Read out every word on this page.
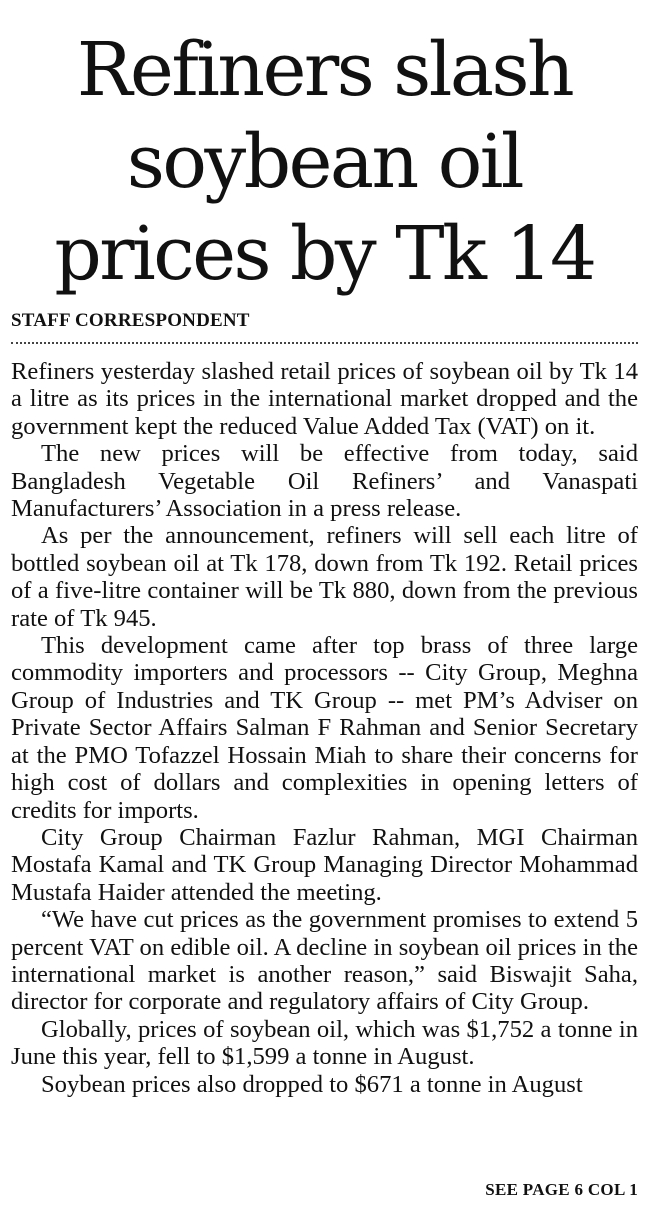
Refiners slash
soybean oil
prices by Tk 14
STAFF CORRESPONDENT

Refiners yesterday slashed retail prices of soybean oil by Tk 14 a litre as its prices in the international market dropped and the government kept the reduced Value Added Tax (VAT) on it.

The new prices will be effective from today, said Bangladesh Vegetable Oil Refiners’ and Vanaspati Manufacturers’ Association in a press release.

As per the announcement, refiners will sell each litre of bottled soybean oil at Tk 178, down from Tk 192. Retail prices of a five-litre container will be Tk 880, down from the previous rate of Tk 945.

This development came after top brass of three large commodity importers and processors -- City Group, Meghna Group of Industries and TK Group -- met PM’s Adviser on Private Sector Affairs Salman F Rahman and Senior Secretary at the PMO Tofazzel Hossain Miah to share their concerns for high cost of dollars and complexities in opening letters of credits for imports.

City Group Chairman Fazlur Rahman, MGI Chairman Mostafa Kamal and TK Group Managing Director Mohammad Mustafa Haider attended the meeting.

“We have cut prices as the government promises to extend 5 percent VAT on edible oil. A decline in soybean oil prices in the international market is another reason,” said Biswajit Saha, director for corporate and regulatory affairs of City Group.

Globally, prices of soybean oil, which was $1,752 a tonne in June this year, fell to $1,599 a tonne in August.

Soybean prices also dropped to $671 a tonne in August

SEE PAGE 6 COL 1
